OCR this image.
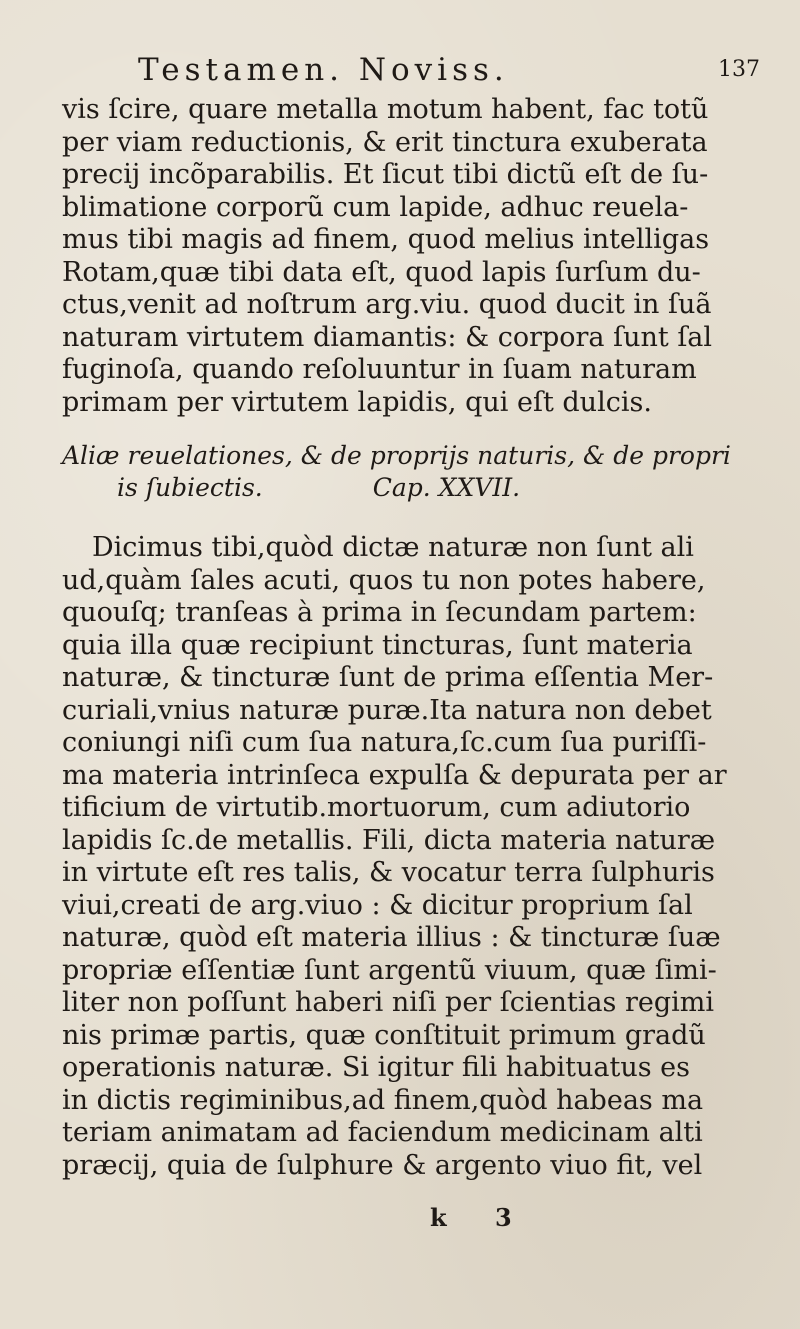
Testamen. Noviss.	137
vis ſcire, quare metalla motum habent, fac totũ
per viam reductionis, & erit tinctura exuberata
precij incõparabilis. Et ſicut tibi dictũ eſt de ſu-
blimatione corporũ cum lapide, adhuc reuela-
mus tibi magis ad finem, quod melius intelligas
Rotam,quæ tibi data eſt, quod lapis ſurſum du-
ctus,venit ad noſtrum arg.viu. quod ducit in ſuã
naturam virtutem diamantis: & corpora ſunt ſal
fuginoſa, quando reſoluuntur in ſuam naturam
primam per virtutem lapidis, qui eſt dulcis.
Aliæ reuelationes, & de proprijs naturis, & de propri
is ſubiectis.	Cap. XXVII.
Dicimus tibi,quòd dictæ naturæ non ſunt ali
ud,quàm ſales acuti, quos tu non potes habere,
quouſq; tranſeas à prima in ſecundam partem:
quia illa quæ recipiunt tincturas, ſunt materia
naturæ, & tincturæ ſunt de prima eſſentia Mer-
curiali,vnius naturæ puræ.Ita natura non debet
coniungi niſi cum ſua natura,ſc.cum ſua puriſſi-
ma materia intrinſeca expulſa & depurata per ar
tificium de virtutib.mortuorum, cum adiutorio
lapidis ſc.de metallis. Fili, dicta materia naturæ
in virtute eſt res talis, & vocatur terra ſulphuris
viui,creati de arg.viuo : & dicitur proprium ſal
naturæ, quòd eſt materia illius : & tincturæ ſuæ
propriæ eſſentiæ ſunt argentũ viuum, quæ ſimi-
liter non poſſunt haberi niſi per ſcientias regimi
nis primæ partis, quæ conſtituit primum gradũ
operationis naturæ. Si igitur fili habituatus es
in dictis regiminibus,ad finem,quòd habeas ma
teriam animatam ad faciendum medicinam alti
præcij, quia de ſulphure & argento viuo fit, vel
k 3
